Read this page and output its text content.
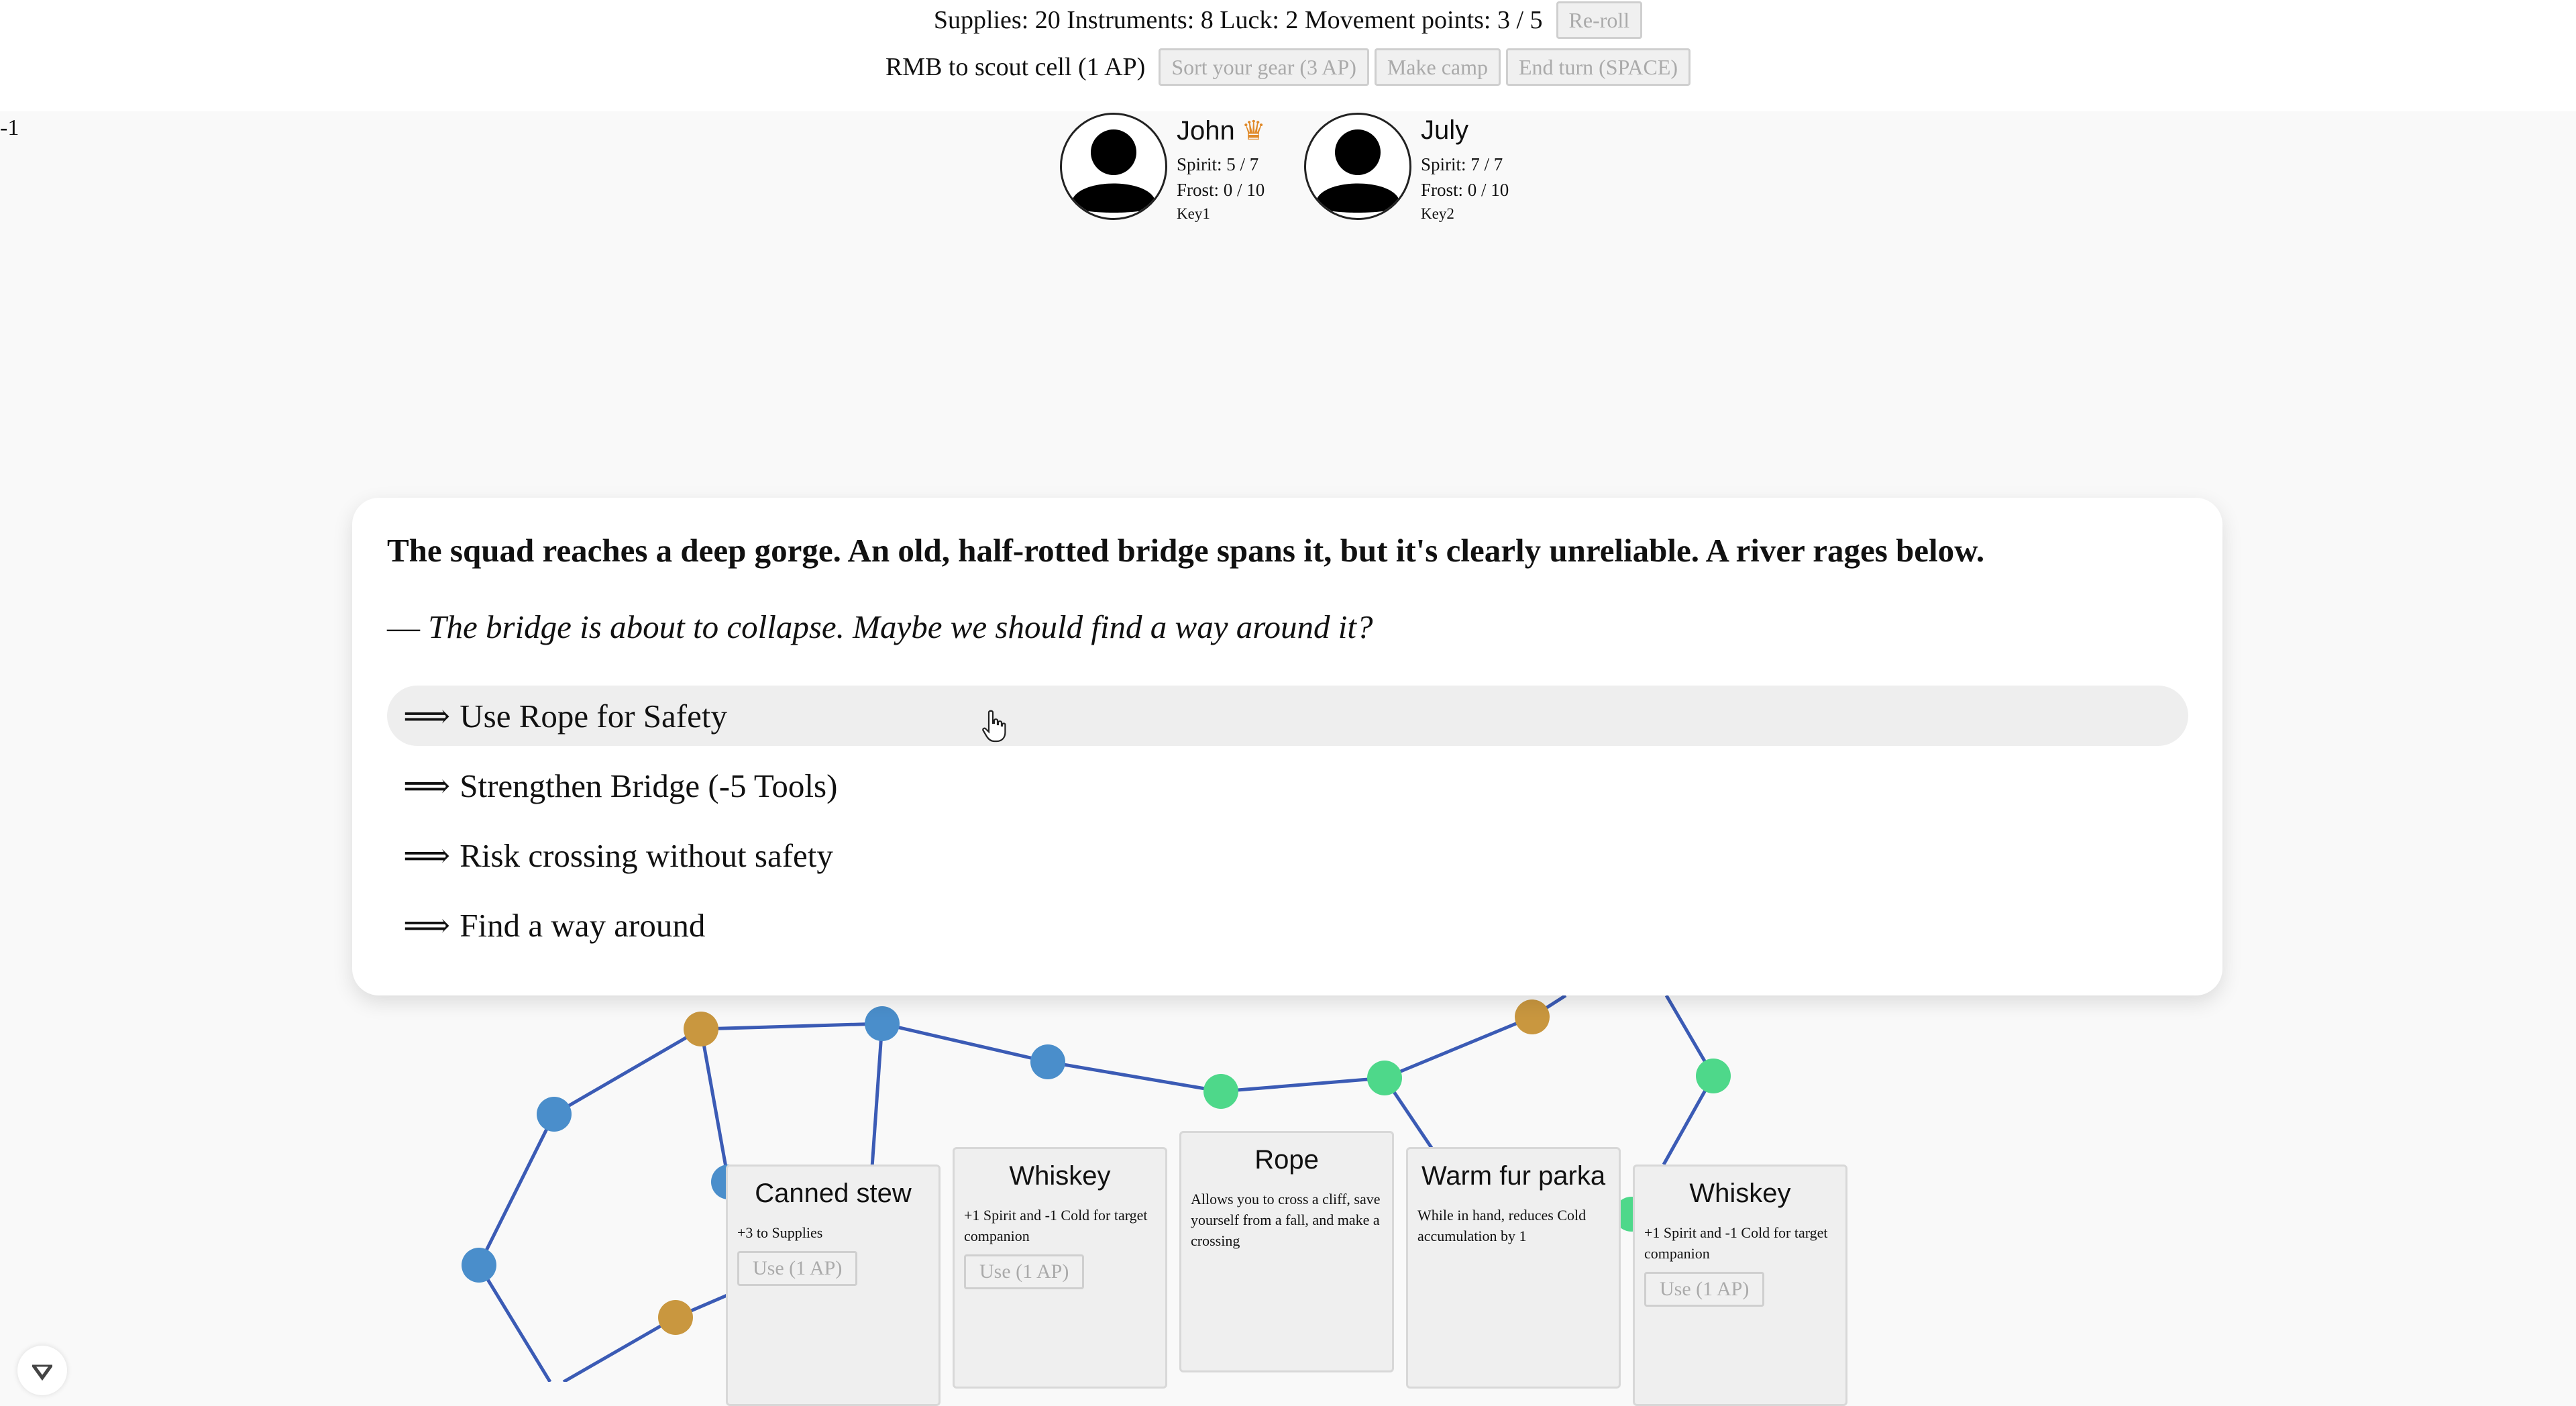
Supplies: 20 Instruments: 8 Luck: 2 Movement points: 3 / 5	Re-roll
RMB to scout cell (1 AP)	Sort your gear (3 AP)	Make camp	End turn (SPACE)
-1	John ♛
Spirit: 5 / 7
Frost: 0 / 10
Key1
July
Spirit: 7 / 7
Frost: 0 / 10
Key2
Canned stew
+3 to Supplies
Use (1 AP)
Whiskey
+1 Spirit and -1 Cold for target companion
Use (1 AP)
Rope
Allows you to cross a cliff, save yourself from a fall, and make a crossing
Warm fur parka
While in hand, reduces Cold accumulation by 1
Whiskey
+1 Spirit and -1 Cold for target companion
Use (1 AP)
The squad reaches a deep gorge. An old, half-rotted bridge spans it, but it's clearly unreliable. A river rages below.
— The bridge is about to collapse. Maybe we should find a way around it?
⟹ Use Rope for Safety
⟹ Strengthen Bridge (-5 Tools)
⟹ Risk crossing without safety
⟹ Find a way around
